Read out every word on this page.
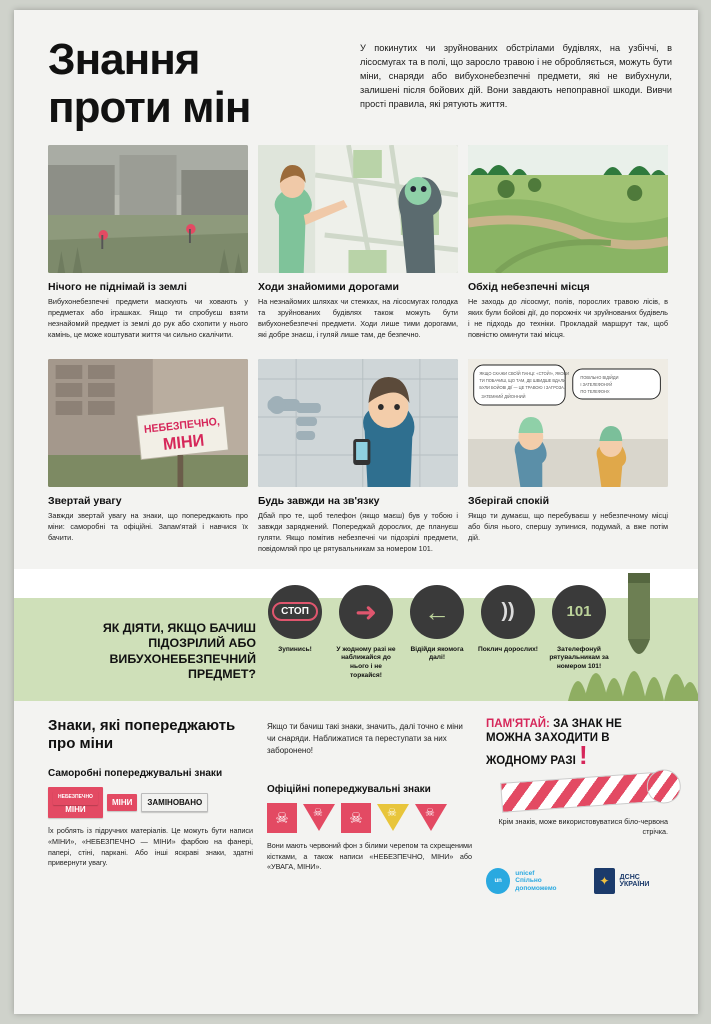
Знання
проти мін
У покинутих чи зруйнованих обстрілами будівлях, на узбіччі, в лісосмугах та в полі, що заросло травою і не обробляється, можуть бути міни, снаряди або вибухонебезпечні предмети, які не вибухнули, залишені після бойових дій. Вони завдають непоправної шкоди. Вивчи прості правила, які рятують життя.
Нічого не піднімай із землі

Вибухонебезпечні предмети маскують чи ховають у предметах або іграшках. Якщо ти спробуєш взяти незнайомий предмет із землі до рук або схопити у нього камінь, це може коштувати життя чи сильно скалічити.

Ходи знайомими дорогами

На незнайомих шляхах чи стежках, на лісосмугах голодка та зруйнованих будівлях також можуть бути вибухонебезпечні предмети. Ходи лише тими дорогами, які добре знаєш, і гуляй лише там, де безпечно.

Обхід небезпечні місця

Не заходь до лісосмуг, полів, порослих травою лісів, в яких були бойові дії, до порожніх чи зруйнованих будівель і не підходь до техніки. Прокладай маршрут так, щоб повністю оминути такі місця.

НЕБЕЗПЕЧНО,
МІНИ
Звертай увагу

Завжди звертай увагу на знаки, що попереджають про міни: саморобні та офіційні. Запам'ятай і навчися їх бачити.

Будь завжди на зв'язку

Дбай про те, щоб телефон (якщо маєш) був у тобою і завжди заряджений. Попереджай дорослих, де плануєш гуляти. Якщо помітив небезпечні чи підозрілі предмети, повідомляй про це рятувальникам за номером 101.

ЯКЩО СКАЖИ СВОЇЙ ПАНЦІ: «СТОЙ!», ЯКОВИ
ТИ ПОБАЧИШ, ЩО ТАМ, ДЕ ШВИДШЕ ВДАЛИ
БУЛИ БОЙОВІ ДІЇ — ЦЕ ТРАВОЮ І ЗАГРОЗА.
ЗАТЕМНИЙ ДІЙОННИЙ
ПОВІЛЬНО ВІДІЙДИ
І ЗАТЕЛЕФОНУЙ
ПО ТЕЛЕФОНУ.
Зберігай спокій

Якщо ти думаєш, що перебуваєш у небезпечному місці або біля нього, спершу зупинися, подумай, а вже потім дій.

ЯК ДІЯТИ, ЯКЩО БАЧИШ ПІДОЗРІЛИЙ АБО ВИБУХОНЕБЕЗПЕЧНИЙ ПРЕДМЕТ?
СТОП
Зупинись!
➜
У жодному разі не наближайся до нього і не торкайся!
←
Відійди якомога далі!
))
Поклич дорослих!
101
Зателефонуй рятувальникам за номером 101!
Знаки, які попереджають про міни
Саморобні попереджувальні знаки
НЕБЕЗПЕЧНО
МІНИ
МІНИ	ЗАМІНОВАНО
Їх роблять із підручних матеріалів. Це можуть бути написи «МІНИ», «НЕБЕЗПЕЧНО — МІНИ» фарбою на фанері, папері, стіні, паркані. Або інші яскраві знаки, здатні привернути увагу.
Якщо ти бачиш такі знаки, значить, далі точно є міни чи снаряди. Наближатися та переступати за них заборонено!
Офіційні попереджувальні знаки
☠	☠	☠	☠	☠
Вони мають червоний фон з білими черепом та схрещеними кістками, а також написи «НЕБЕЗПЕЧНО, МІНИ» або «УВАГА, МІНИ».
ПАМ'ЯТАЙ: ЗА ЗНАК НЕ МОЖНА ЗАХОДИТИ В ЖОДНОМУ РАЗІ !
Крім знаків, може використовуватися біло-червона стрічка.
un
unicef
Спільно допоможемо
✦	ДСНС УКРАЇНИ
